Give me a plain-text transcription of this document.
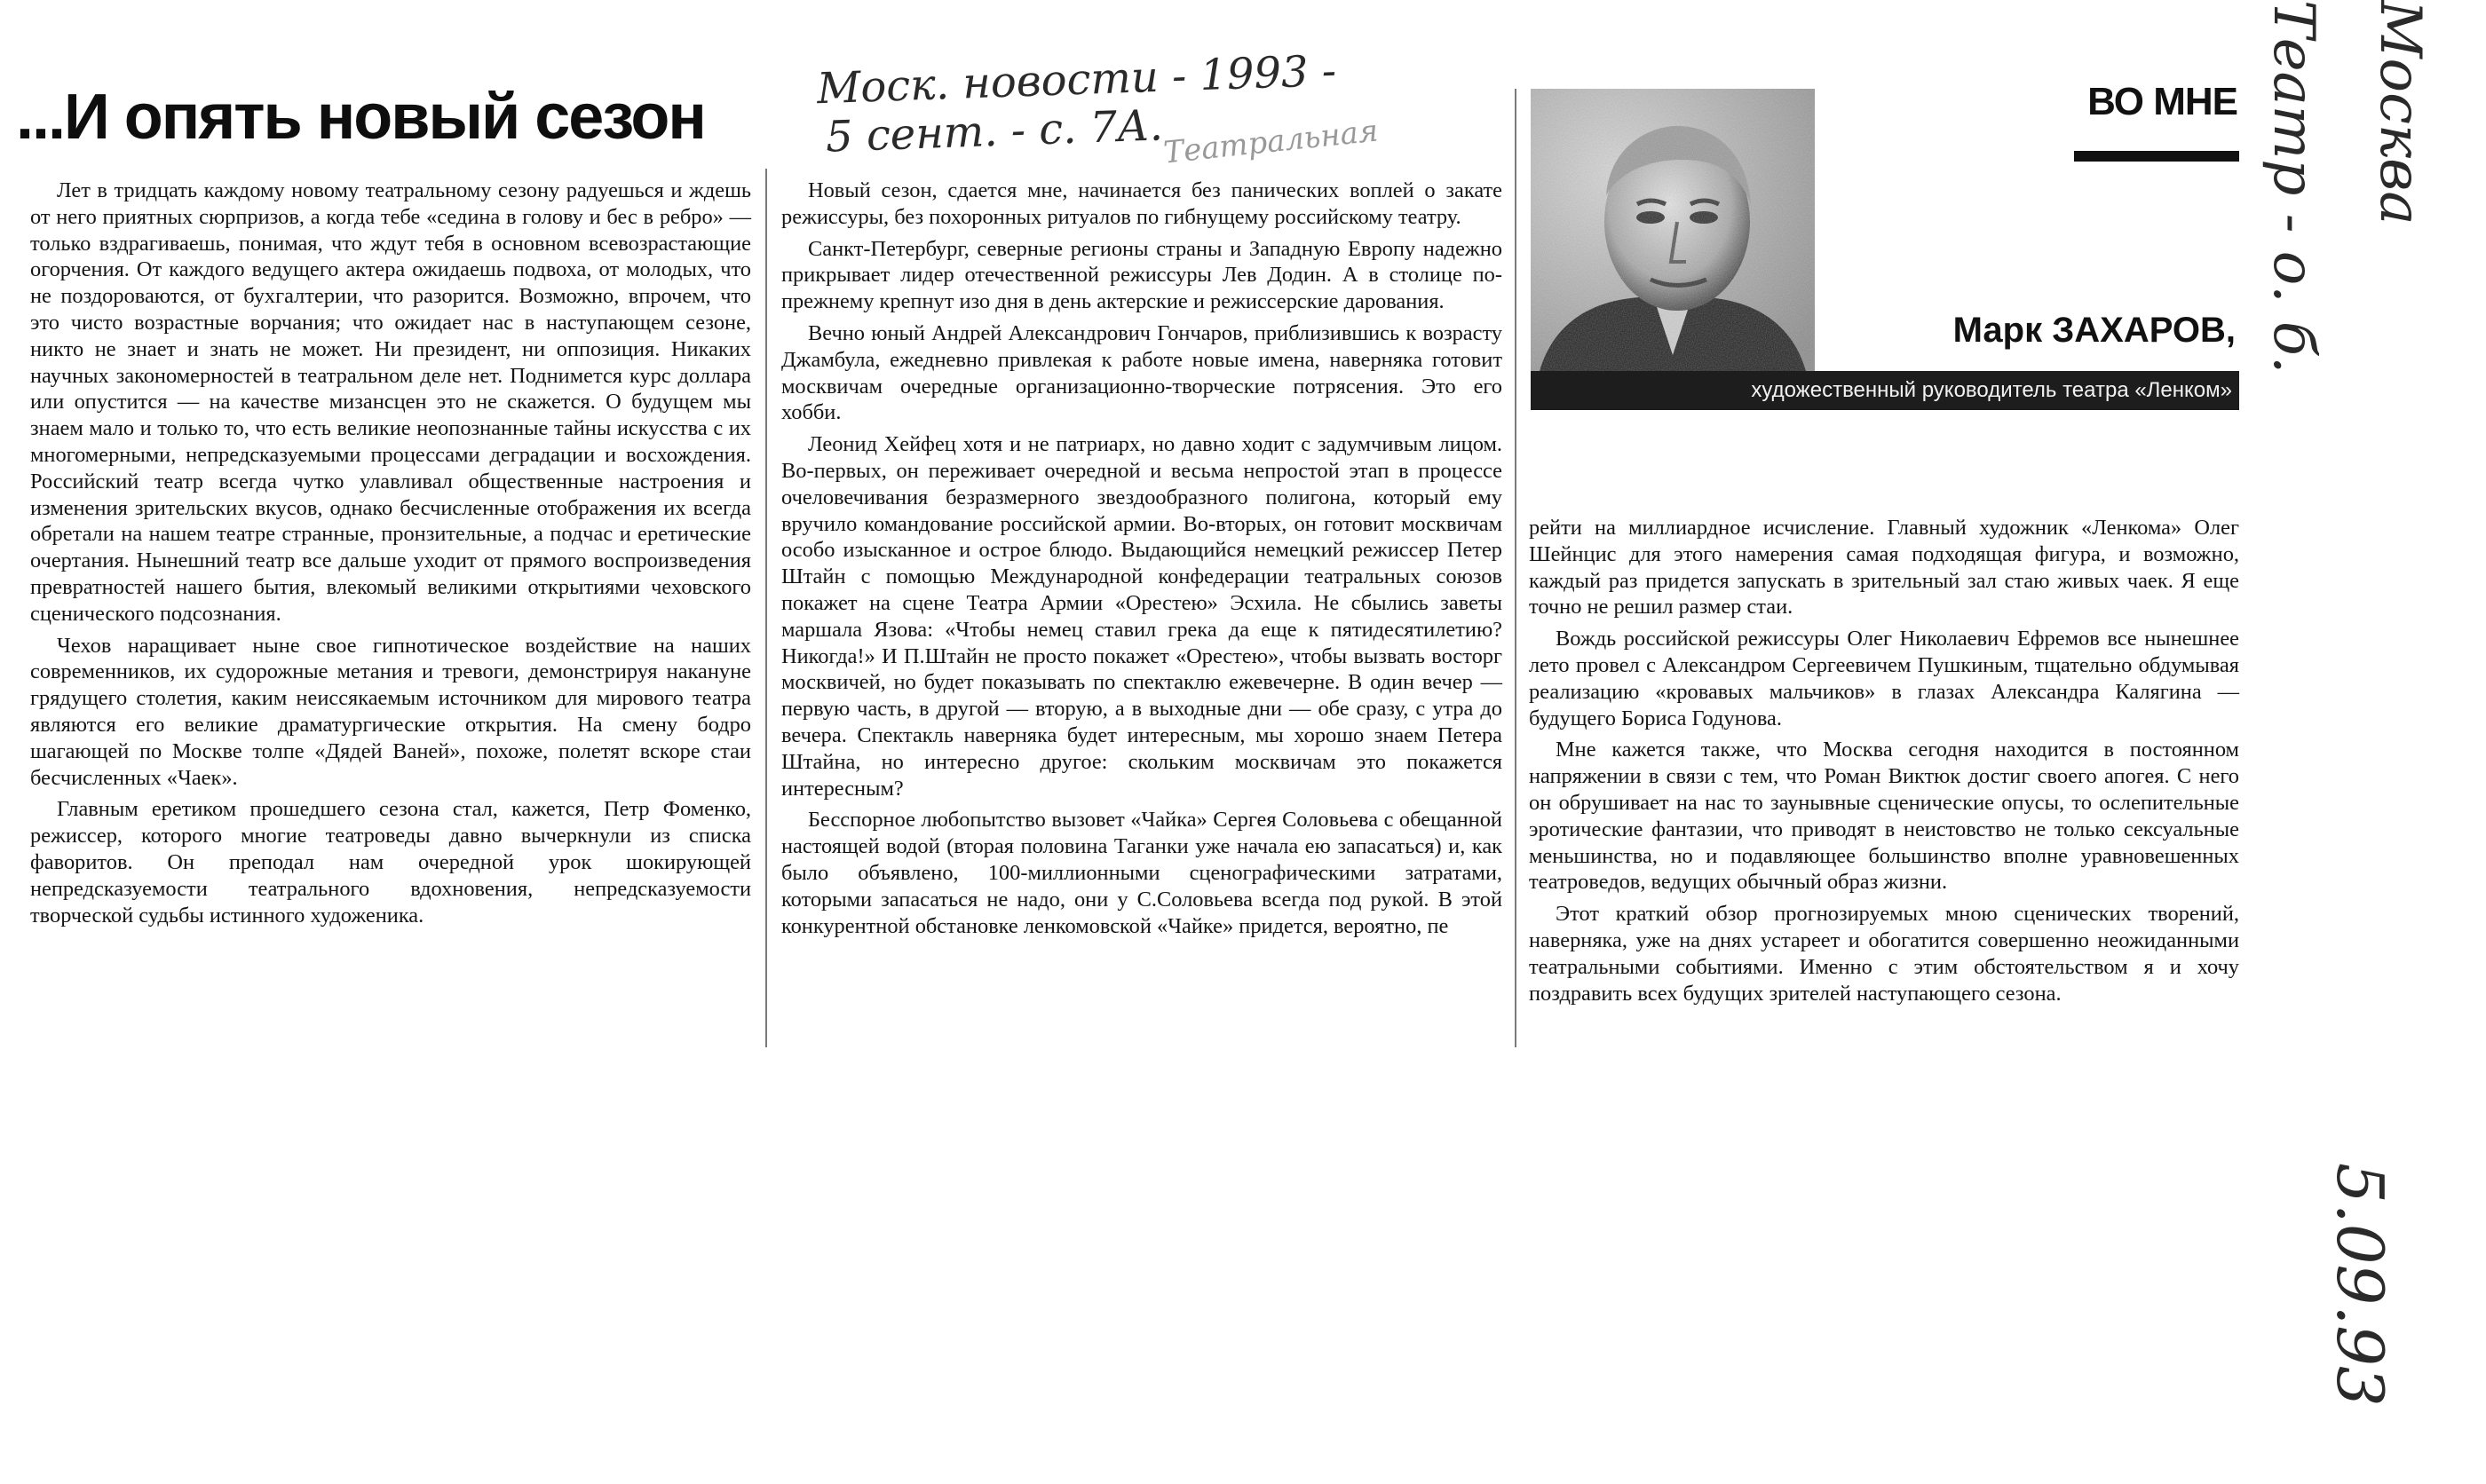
...И опять новый сезон
Моск. новости - 1993 -
5 сент. - с. 7А.
Театральная	Москва
Театр - о. б.
5.09.93

Лет в тридцать каждому новому театральному сезону радуешься и ждешь от него приятных сюрпризов, а когда тебе «седина в голову и бес в ребро» — только вздрагиваешь, понимая, что ждут тебя в основном всевозрастающие огорчения. От каждого ведущего актера ожидаешь подвоха, от молодых, что не поздороваются, от бухгалтерии, что разорится. Возможно, впрочем, что это чисто возрастные ворчания; что ожидает нас в наступающем сезоне, никто не знает и знать не может. Ни президент, ни оппозиция. Никаких научных закономерностей в театральном деле нет. Поднимется курс доллара или опустится — на качестве мизансцен это не скажется. О будущем мы знаем мало и только то, что есть великие неопознанные тайны искусства с их многомерными, непредсказуемыми процессами деградации и восхождения. Российский театр всегда чутко улавливал общественные настроения и изменения зрительских вкусов, однако бесчисленные отображения их всегда обретали на нашем театре странные, пронзительные, а подчас и еретические очертания. Нынешний театр все дальше уходит от прямого воспроизведения превратностей нашего бытия, влекомый великими открытиями чеховского сценического подсознания.

Чехов наращивает ныне свое гипнотическое воздействие на наших современников, их судорожные метания и тревоги, демонстрируя накануне грядущего столетия, каким неиссякаемым источником для мирового театра являются его великие драматургические открытия. На смену бодро шагающей по Москве толпе «Дядей Ваней», похоже, полетят вскоре стаи бесчисленных «Чаек».

Главным еретиком прошедшего сезона стал, кажется, Петр Фоменко, режиссер, которого многие театроведы давно вычеркнули из списка фаворитов. Он преподал нам очередной урок шокирующей непредсказуемости театрального вдохновения, непредсказуемости творческой судьбы истинного художеника.

Новый сезон, сдается мне, начинается без панических воплей о закате режиссуры, без похоронных ритуалов по гибнущему российскому театру.

Санкт-Петербург, северные регионы страны и Западную Европу надежно прикрывает лидер отечественной режиссуры Лев Додин. А в столице по-прежнему крепнут изо дня в день актерские и режиссерские дарования.

Вечно юный Андрей Александрович Гончаров, приблизившись к возрасту Джамбула, ежедневно привлекая к работе новые имена, наверняка готовит москвичам очередные организационно-творческие потрясения. Это его хобби.

Леонид Хейфец хотя и не патриарх, но давно ходит с задумчивым лицом. Во-первых, он переживает очередной и весьма непростой этап в процессе очеловечивания безразмерного звездообразного полигона, который ему вручило командование российской армии. Во-вторых, он готовит москвичам особо изысканное и острое блюдо. Выдающийся немецкий режиссер Петер Штайн с помощью Международной конфедерации театральных союзов покажет на сцене Театра Армии «Орестею» Эсхила. Не сбылись заветы маршала Язова: «Чтобы немец ставил грека да еще к пятидесятилетию? Никогда!» И П.Штайн не просто покажет «Орестею», чтобы вызвать восторг москвичей, но будет показывать по спектаклю ежевечерне. В один вечер — первую часть, в другой — вторую, а в выходные дни — обе сразу, с утра до вечера. Спектакль наверняка будет интересным, мы хорошо знаем Петера Штайна, но интересно другое: скольким москвичам это покажется интересным?

Бесспорное любопытство вызовет «Чайка» Сергея Соловьева с обещанной настоящей водой (вторая половина Таганки уже начала ею запасаться) и, как было объявлено, 100-миллионными сценографическими затратами, которыми запасаться не надо, они у С.Соловьева всегда под рукой. В этой конкурентной обстановке ленкомовской «Чайке» придется, вероятно, пе

ВО МНЕ
Марк ЗАХАРОВ,
художественный руководитель театра «Ленком»

рейти на миллиардное исчисление. Главный художник «Ленкома» Олег Шейнцис для этого намерения самая подходящая фигура, и возможно, каждый раз придется запускать в зрительный зал стаю живых чаек. Я еще точно не решил размер стаи.

Вождь российской режиссуры Олег Николаевич Ефремов все нынешнее лето провел с Александром Сергеевичем Пушкиным, тщательно обдумывая реализацию «кровавых мальчиков» в глазах Александра Калягина — будущего Бориса Годунова.

Мне кажется также, что Москва сегодня находится в постоянном напряжении в связи с тем, что Роман Виктюк достиг своего апогея. С него он обрушивает на нас то заунывные сценические опусы, то ослепительные эротические фантазии, что приводят в неистовство не только сексуальные меньшинства, но и подавляющее большинство вполне уравновешенных театроведов, ведущих обычный образ жизни.

Этот краткий обзор прогнозируемых мною сценических творений, наверняка, уже на днях устареет и обогатится совершенно неожиданными театральными событиями. Именно с этим обстоятельством я и хочу поздравить всех будущих зрителей наступающего сезона.
